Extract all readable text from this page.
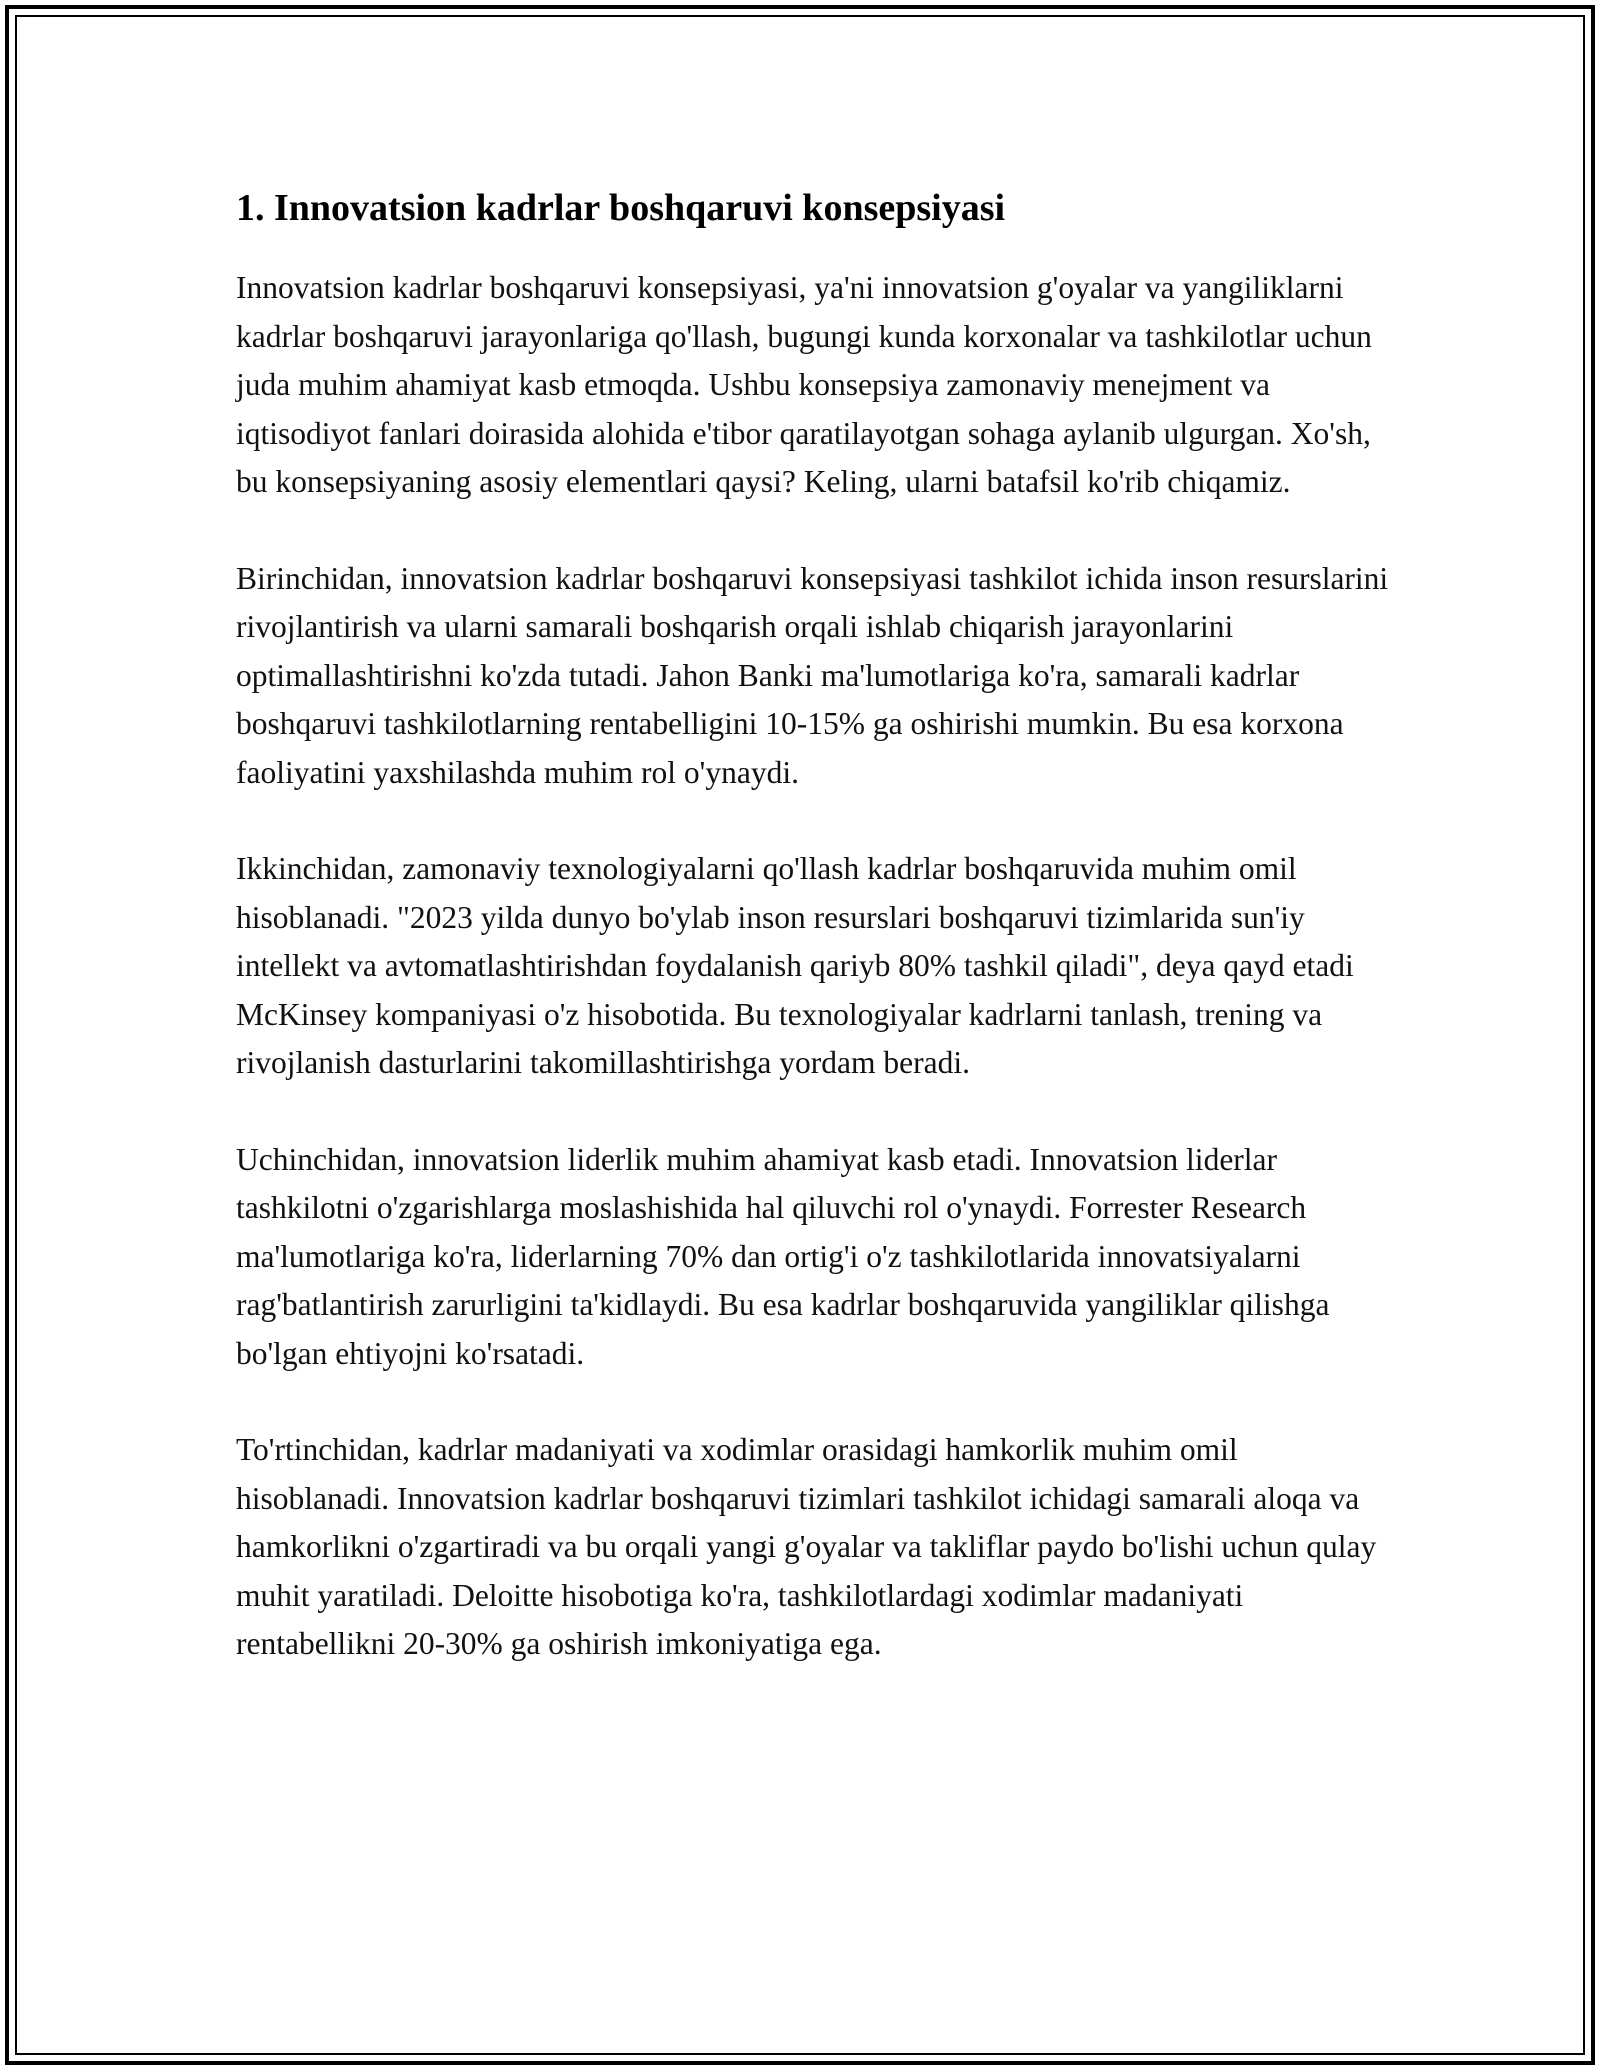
1. Innovatsion kadrlar boshqaruvi konsepsiyasi

Innovatsion kadrlar boshqaruvi konsepsiyasi, ya'ni innovatsion g'oyalar va yangiliklarni kadrlar boshqaruvi jarayonlariga qo'llash, bugungi kunda korxonalar va tashkilotlar uchun juda muhim ahamiyat kasb etmoqda. Ushbu konsepsiya zamonaviy menejment va iqtisodiyot fanlari doirasida alohida e'tibor qaratilayotgan sohaga aylanib ulgurgan. Xo'sh, bu konsepsiyaning asosiy elementlari qaysi? Keling, ularni batafsil ko'rib chiqamiz.

Birinchidan, innovatsion kadrlar boshqaruvi konsepsiyasi tashkilot ichida inson resurslarini rivojlantirish va ularni samarali boshqarish orqali ishlab chiqarish jarayonlarini optimallashtirishni ko'zda tutadi. Jahon Banki ma'lumotlariga ko'ra, samarali kadrlar boshqaruvi tashkilotlarning rentabelligini 10-15% ga oshirishi mumkin. Bu esa korxona faoliyatini yaxshilashda muhim rol o'ynaydi.

Ikkinchidan, zamonaviy texnologiyalarni qo'llash kadrlar boshqaruvida muhim omil hisoblanadi. "2023 yilda dunyo bo'ylab inson resurslari boshqaruvi tizimlarida sun'iy intellekt va avtomatlashtirishdan foydalanish qariyb 80% tashkil qiladi", deya qayd etadi McKinsey kompaniyasi o'z hisobotida. Bu texnologiyalar kadrlarni tanlash, trening va rivojlanish dasturlarini takomillashtirishga yordam beradi.

Uchinchidan, innovatsion liderlik muhim ahamiyat kasb etadi. Innovatsion liderlar tashkilotni o'zgarishlarga moslashishida hal qiluvchi rol o'ynaydi. Forrester Research ma'lumotlariga ko'ra, liderlarning 70% dan ortig'i o'z tashkilotlarida innovatsiyalarni rag'batlantirish zarurligini ta'kidlaydi. Bu esa kadrlar boshqaruvida yangiliklar qilishga bo'lgan ehtiyojni ko'rsatadi.

To'rtinchidan, kadrlar madaniyati va xodimlar orasidagi hamkorlik muhim omil hisoblanadi. Innovatsion kadrlar boshqaruvi tizimlari tashkilot ichidagi samarali aloqa va hamkorlikni o'zgartiradi va bu orqali yangi g'oyalar va takliflar paydo bo'lishi uchun qulay muhit yaratiladi. Deloitte hisobotiga ko'ra, tashkilotlardagi xodimlar madaniyati rentabellikni 20-30% ga oshirish imkoniyatiga ega.
